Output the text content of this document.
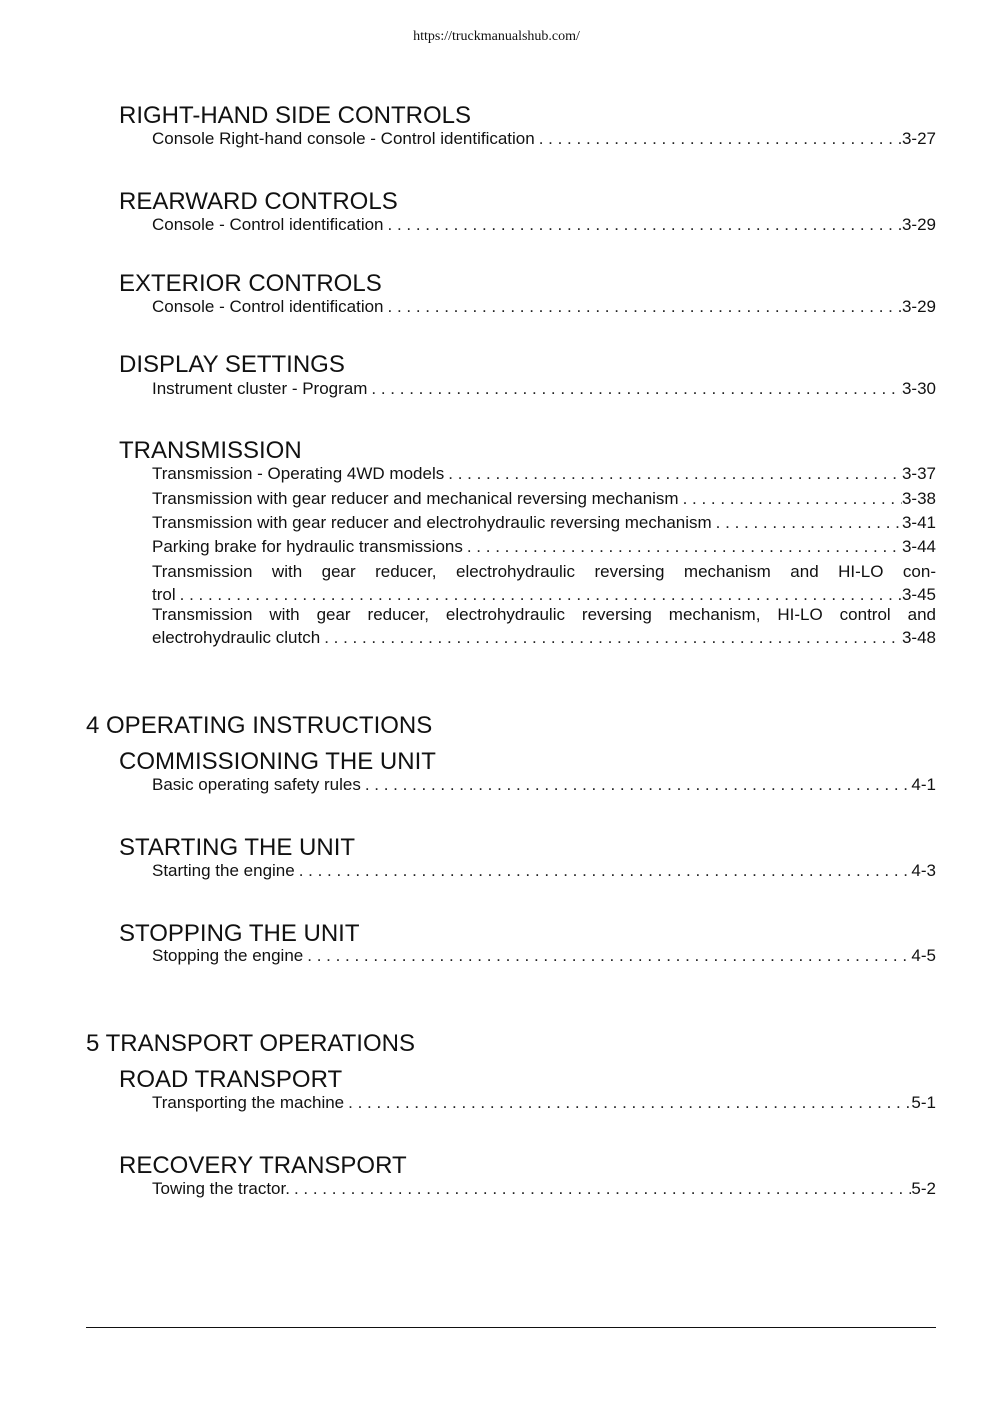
https://truckmanualshub.com/
RIGHT-HAND SIDE CONTROLS
Console Right-hand console - Control identification . . .	3-27
REARWARD CONTROLS
Console - Control identification . . .	3-29
EXTERIOR CONTROLS
Console - Control identification . . .	3-29
DISPLAY SETTINGS
Instrument cluster - Program . . .	3-30
TRANSMISSION
Transmission - Operating 4WD models . . .	3-37
Transmission with gear reducer and mechanical reversing mechanism . . .	3-38
Transmission with gear reducer and electrohydraulic reversing mechanism . . .	3-41
Parking brake for hydraulic transmissions . . .	3-44
Transmission with gear reducer, electrohydraulic reversing mechanism and HI-LO con-
trol . . .	3-45
Transmission with gear reducer, electrohydraulic reversing mechanism, HI-LO control and
electrohydraulic clutch . . .	3-48
4 OPERATING INSTRUCTIONS
COMMISSIONING THE UNIT
Basic operating safety rules . . .	4-1
STARTING THE UNIT
Starting the engine . . .	4-3
STOPPING THE UNIT
Stopping the engine . . .	4-5
5 TRANSPORT OPERATIONS
ROAD TRANSPORT
Transporting the machine . . .	5-1
RECOVERY TRANSPORT
Towing the tractor. . . .	5-2
